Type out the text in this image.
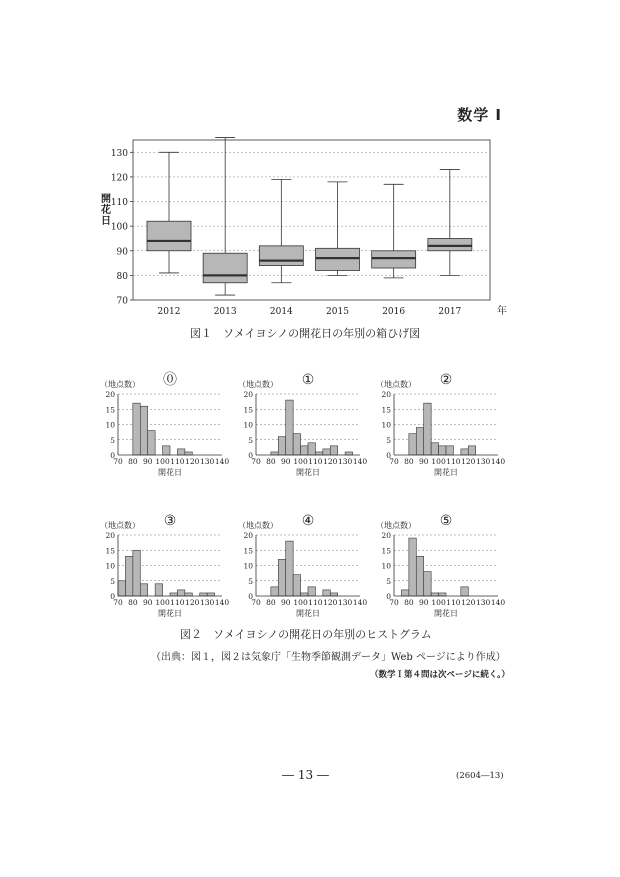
数学 I
70
80
90
100
110
120
130
開
花
日
2012	2013	2014	2015	2016	2017	年
図１　ソメイヨシノの開花日の年別の箱ひげ図
⓪
（地点数）
0
5
10
15
20
70 80 90 100 110 120 130 140
開花日
①
（地点数）
0
5
10
15
20
70 80 90 100 110 120 130 140
開花日
②
（地点数）
0
5
10
15
20
70 80 90 100 110 120 130 140
開花日
③
（地点数）
0
5
10
15
20
70 80 90 100 110 120 130 140
開花日
④
（地点数）
0
5
10
15
20
70 80 90 100 110 120 130 140
開花日
⑤
（地点数）
0
5
10
15
20
70 80 90 100 110 120 130 140
開花日
図２　ソメイヨシノの開花日の年別のヒストグラム
（出典：図１，図２は気象庁「生物季節観測データ」Web ページにより作成）
（数学Ｉ第４問は次ページに続く。）
― 13 ―	(2604―13)
